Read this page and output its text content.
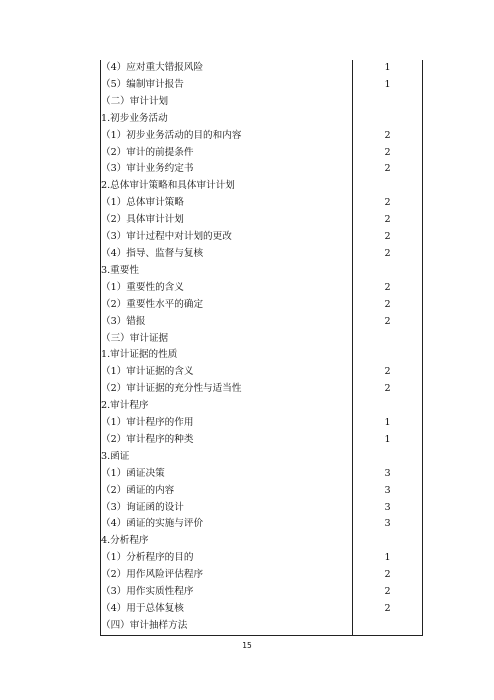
（4）应对重大错报风险	1
（5）编制审计报告	1
（二）审计计划	
1.初步业务活动	
（1）初步业务活动的目的和内容	2
（2）审计的前提条件	2
（3）审计业务约定书	2
2.总体审计策略和具体审计计划	
（1）总体审计策略	2
（2）具体审计计划	2
（3）审计过程中对计划的更改	2
（4）指导、监督与复核	2
3.重要性	
（1）重要性的含义	2
（2）重要性水平的确定	2
（3）错报	2
（三）审计证据	
1.审计证据的性质	
（1）审计证据的含义	2
（2）审计证据的充分性与适当性	2
2.审计程序	
（1）审计程序的作用	1
（2）审计程序的种类	1
3.函证	
（1）函证决策	3
（2）函证的内容	3
（3）询证函的设计	3
（4）函证的实施与评价	3
4.分析程序	
（1）分析程序的目的	1
（2）用作风险评估程序	2
（3）用作实质性程序	2
（4）用于总体复核	2
（四）审计抽样方法	
15
